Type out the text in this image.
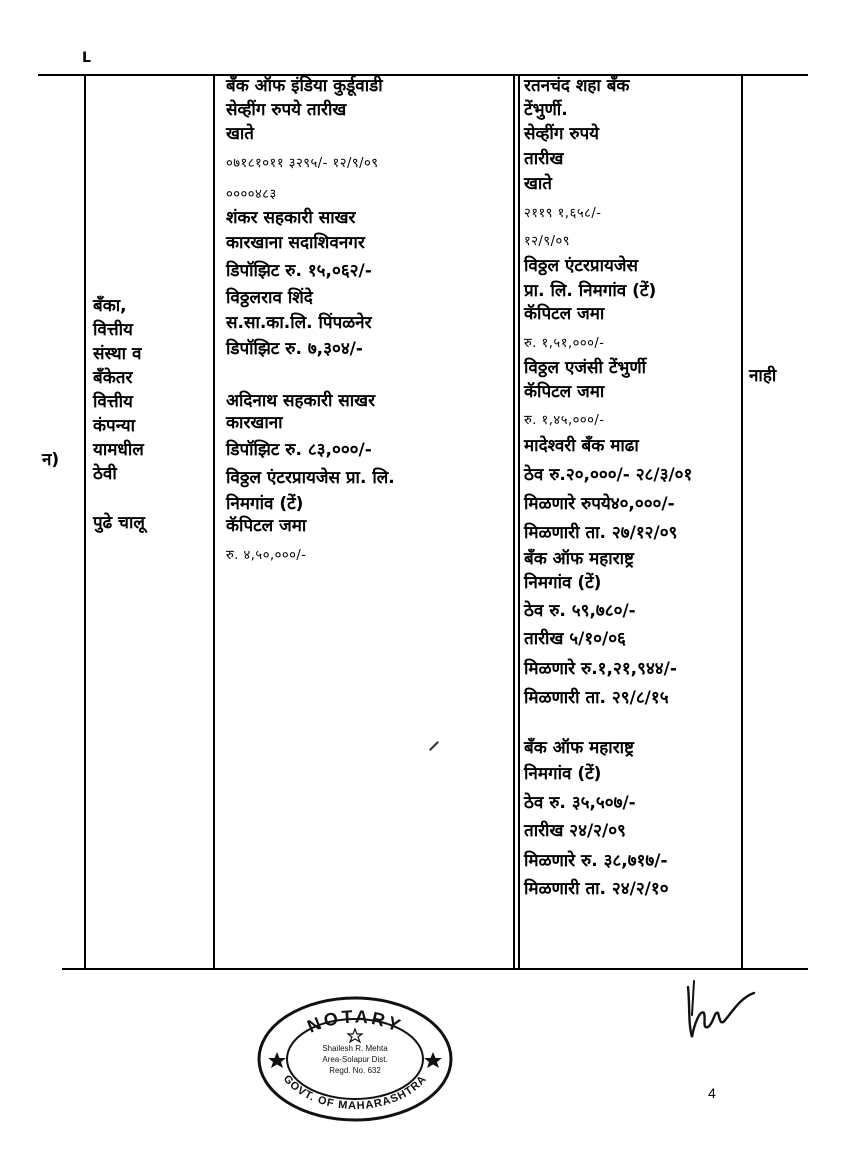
L
न)
बँका,
वित्तीय
संस्था व
बँकेतर
वित्तीय
कंपन्या
यामधील
ठेवी
पुढे चालू
बँक ऑफ इंडिया कुर्डूवाडी
सेव्हींग रुपये तारीख
खाते
०७१८१०११ ३२९५/- १२/९/०९
००००४८३
शंकर सहकारी साखर
कारखाना सदाशिवनगर
डिपॉझिट रु. १५,०६२/-
विठ्ठलराव शिंदे
स.सा.का.लि. पिंपळनेर
डिपॉझिट रु. ७,३०४/-
अदिनाथ सहकारी साखर
कारखाना
डिपॉझिट रु. ८३,०००/-
विठ्ठल एंटरप्रायजेस प्रा. लि.
निमगांव (टें)
कॅपिटल जमा
रु. ४,५०,०००/-
रतनचंद शहा बँक
टेंभुर्णी.
सेव्हींग रुपये
तारीख
खाते
२११९ १,६५८/-
१२/९/०९
विठ्ठल एंटरप्रायजेस
प्रा. लि. निमगांव (टें)
कॅपिटल जमा
रु. १,५१,०००/-
विठ्ठल एजंसी टेंभुर्णी
कॅपिटल जमा
रु. १,४५,०००/-
मादेश्वरी बँक माढा
ठेव रु.२०,०००/- २८/३/०१
मिळणारे रुपये४०,०००/-
मिळणारी ता. २७/१२/०९
बँक ऑफ महाराष्ट्र
निमगांव (टें)
ठेव रु. ५९,७८०/-
तारीख ५/१०/०६
मिळणारे रु.१,२१,९४४/-
मिळणारी ता. २९/८/१५
बँक ऑफ महाराष्ट्र
निमगांव (टें)
ठेव रु. ३५,५०७/-
तारीख २४/२/०९
मिळणारे रु. ३८,७१७/-
मिळणारी ता. २४/२/१०
नाही
NOTARY
GOVT. OF MAHARASHTRA
Shailesh R. Mehta
Area-Solapur Dist.
Regd. No. 632
4
